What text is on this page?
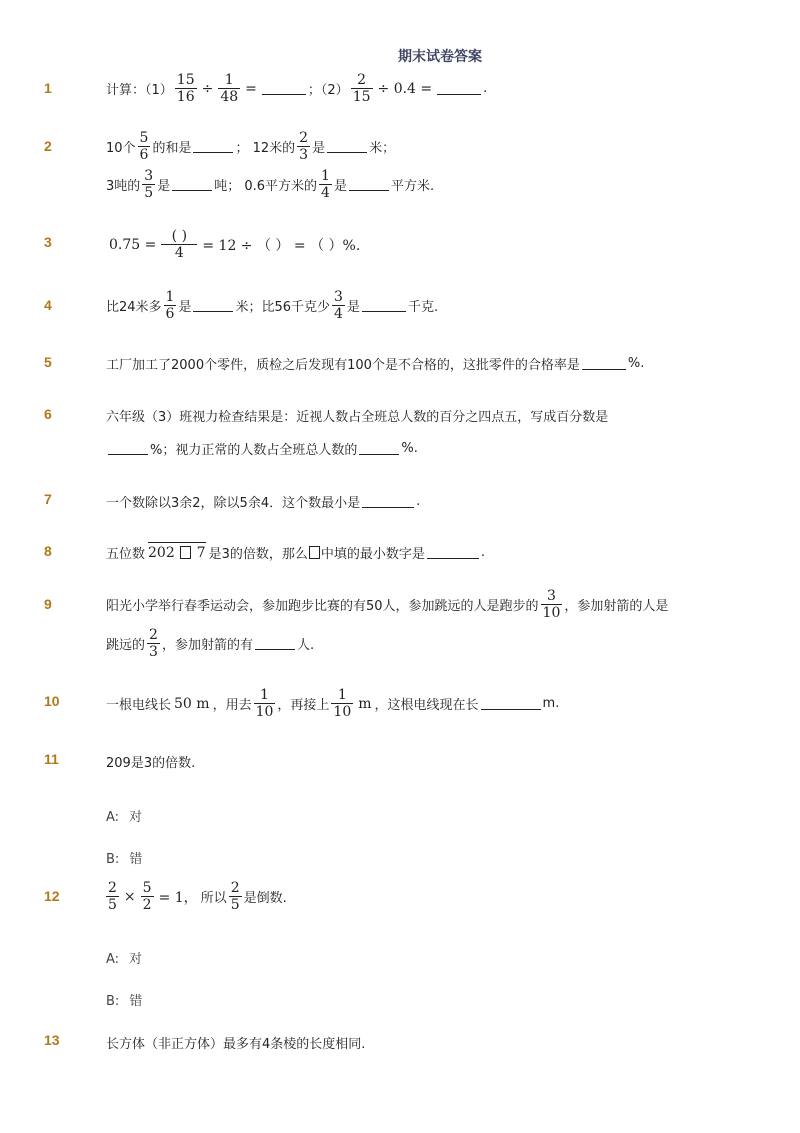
期末试卷答案
1	计算：$(1) \frac{15}{16} \div \frac{1}{48}$ =	；$(2) \frac{2}{15} \div 0.4$ =	.
2	10个 $\frac{5}{6}$ 的和是	； 12米的 $\frac{2}{3}$ 是	米；
3吨的 $\frac{3}{5}$ 是	吨； 0.6平方米的 $\frac{1}{4}$ 是	平方米.
3	$0.75 = \frac{( )}{4} = 12$ ÷ （ ） = （ ）%.
4	比24米多 $\frac{1}{6}$ 是	米；比56千克少 $\frac{3}{4}$ 是	千克.
5	工厂加工了2000个零件，质检之后发现有100个是不合格的，这批零件的合格率是	%.
6	六年级（3）班视力检查结果是：近视人数占全班总人数的百分之四点五，写成百分数是
%；视力正常的人数占全班总人数的	%.
7	一个数除以3余2，除以5余4．这个数最小是	.
8	五位数 202 7 是3的倍数，那么 中填的最小数字是	.
9	阳光小学举行春季运动会，参加跑步比赛的有50人，参加跳远的人是跑步的 $\frac{3}{10}$ ，参加射箭的人是
跳远的 $\frac{2}{3}$ ，参加射箭的有	人.
10	一根电线长 50 m ，用去 $\frac{1}{10}$ ，再接上 $\frac{1}{10}$ m ，这根电线现在长	m.
11	209是3的倍数.
A: 对
B: 错
12	$\frac{2}{5} \times \frac{5}{2} = 1$， 所以 $\frac{2}{5}$ 是倒数.
A: 对
B: 错
13	长方体（非正方体）最多有4条棱的长度相同.
